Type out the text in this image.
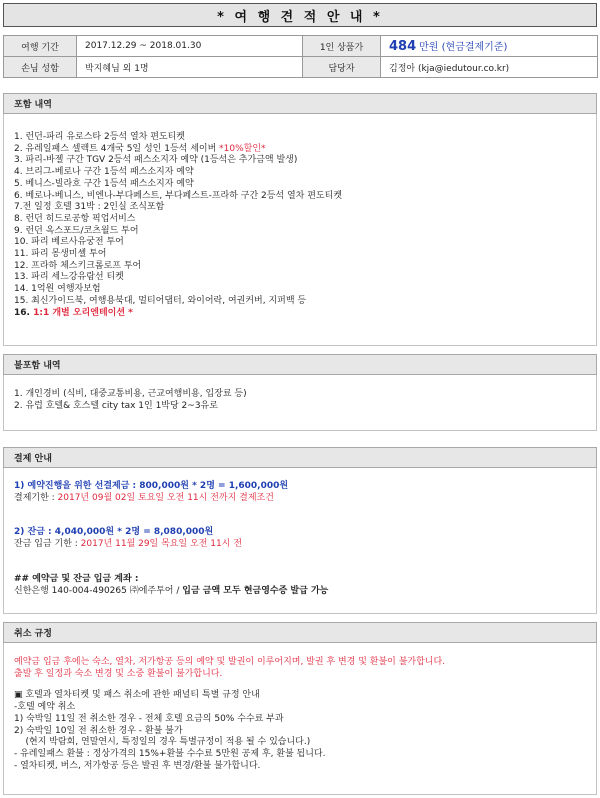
* 여 행 견 적 안 내 *
여행 기간	2017.12.29 ~ 2018.01.30	1인 상품가	484 만원 (현금결제기준)
손님 성함	박지혜님 외 1명	담당자	김정아 (kja@iedutour.co.kr)
포함 내역
1. 런던-파리 유로스타 2등석 열차 편도티켓
2. 유레일패스 셀렉트 4개국 5일 성인 1등석 세이버 *10%할인*
3. 파리-바젤 구간 TGV 2등석 패스소지자 예약 (1등석은 추가금액 발생)
4. 브리그-베로나 구간 1등석 패스소지자 예약
5. 베니스-빌라흐 구간 1등석 패스소지자 예약
6. 베로나-베니스, 비엔나-부다페스트, 부다페스트-프라하 구간 2등석 열차 편도티켓
7.전 일정 호텔 31박 : 2인실 조식포함
8. 런던 히드로공항 픽업서비스
9. 런던 옥스포드/코츠월드 투어
10. 파리 베르사유궁전 투어
11. 파리 몽생미셸 투어
12. 프라하 체스키크롬로프 투어
13. 파리 세느강유람선 티켓
14. 1억원 여행자보험
15. 최신가이드북, 여행용북대, 멀티어댑터, 와이어락, 여권커버, 지퍼백 등
16. 1:1 개별 오리엔테이션 *
불포함 내역
1. 개인경비 (식비, 대중교통비용, 근교여행비용, 입장료 등)
2. 유럽 호텔& 호스텔 city tax 1인 1박당 2~3유로
결제 안내
1) 예약진행을 위한 선결제금 : 800,000원 * 2명 = 1,600,000원
결제기한 : 2017년 09월 02일 토요일 오전 11시 전까지 결제조건
2) 잔금 : 4,040,000원 * 2명 = 8,080,000원
잔금 입금 기한 : 2017년 11월 29일 목요일 오전 11시 전
## 예약금 및 잔금 입금 계좌 :
신한은행 140-004-490265 ㈜에주투어 / 입금 금액 모두 현금영수증 발급 가능
취소 규정
예약금 입금 후에는 숙소, 열차, 저가항공 등의 예약 및 발권이 이루어지며, 발권 후 변경 및 환불이 불가합니다.
출발 후 일정과 숙소 변경 및 소중 환불이 불가합니다.
▣ 호텔과 열차티켓 및 패스 취소에 관한 패널티 특별 규정 안내
-호텔 예약 취소
1) 숙박일 11일 전 취소한 경우 - 전체 호텔 요금의 50% 수수료 부과
2) 숙박일 10일 전 취소한 경우 - 환불 불가
(현지 박람회, 연말연시, 특정일의 경우 특별규정이 적용 될 수 있습니다.)
- 유레일패스 환불 : 정상가격의 15%+환불 수수료 5만원 공제 후, 환불 됩니다.
- 열차티켓, 버스, 저가항공 등은 발권 후 변경/환불 불가합니다.
